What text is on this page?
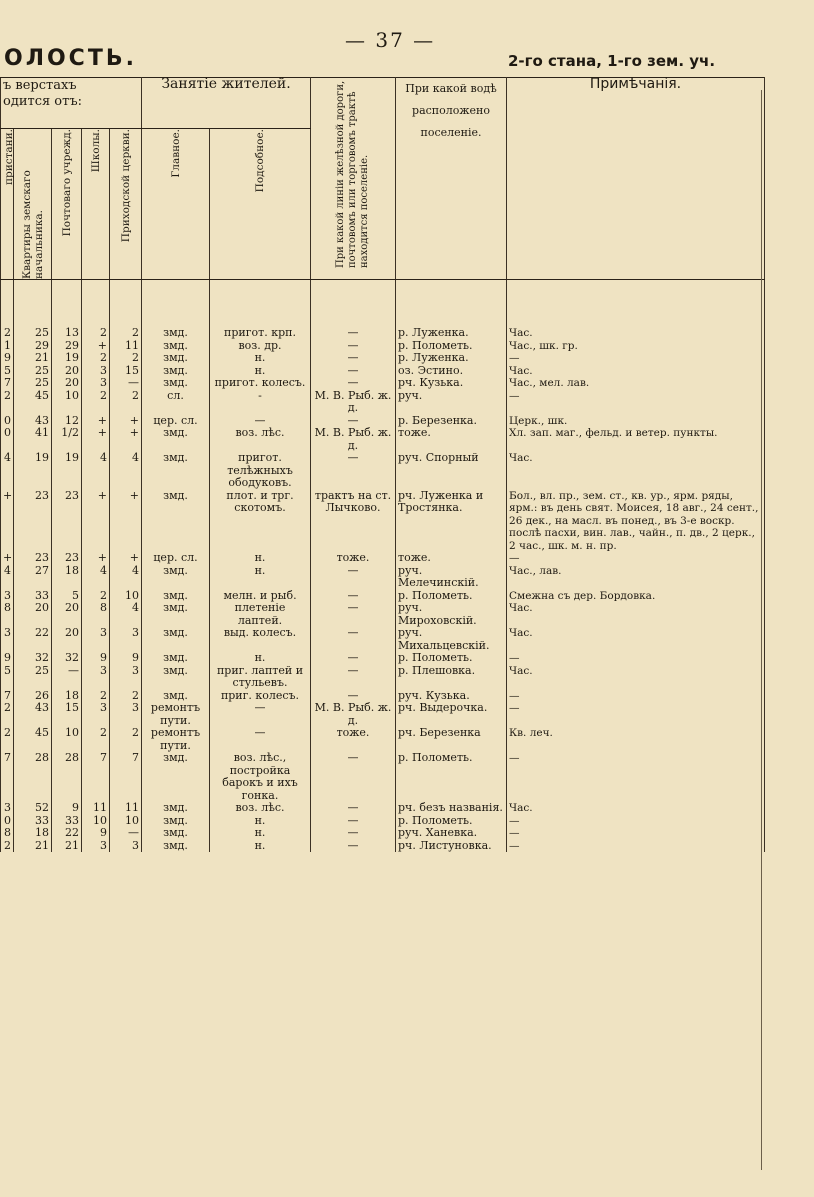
ОЛОСТЬ.
— 37 —
2-го стана, 1-го зем. уч.
ъ верстахъ
одится отъ:					Занятіе жителей.		При какой линіи желѣзной дороги, почтовомъ или торговомъ трактѣ находится поселеніе.	При какой водѣ расположено поселеніе.	Примѣчанія.

пристани.	Квартиры земскаго начальника.	Почтоваго учрежд.	Школы.	Приходской церкви.	Главное.	Подсобное.			

2	25	13	2	2	змд.	пригот. крп.	—	р. Луженка.	Час.
1	29	29	+	11	змд.	воз. др.	—	р. Полометь.	Час., шк. гр.
9	21	19	2	2	змд.	н.	—	р. Луженка.	—
5	25	20	3	15	змд.	н.	—	оз. Эстино.	Час.
7	25	20	3	—	змд.	пригот. колесъ.	—	рч. Кузька.	Час., мел. лав.
2	45	10	2	2	сл.	-	М. В. Рыб. ж. д.	руч.	—
0	43	12	+	+	цер. сл.	—	—	р. Березенка.	Церк., шк.
0	41	1/2	+	+	змд.	воз. лѣс.	М. В. Рыб. ж. д.	тоже.	Хл. зап. маг., фельд. и ветер. пункты.
4	19	19	4	4	змд.	пригот. телѣжныхъ ободуковъ.	—	руч. Спорный	Час.
+	23	23	+	+	змд.	плот. и трг. скотомъ.	трактъ на ст. Лычково.	рч. Луженка и Тростянка.	Бол., вл. пр., зем. ст., кв. ур., ярм. ряды, ярм.: въ день свят. Моисея, 18 авг., 24 сент., 26 дек., на масл. въ понед., въ 3-е воскр. послѣ пасхи, вин. лав., чайн., п. дв., 2 церк., 2 час., шк. м. н. пр.
+	23	23	+	+	цер. сл.	н.	тоже.	тоже.	—
4	27	18	4	4	змд.	н.	—	руч. Мелечинскій.	Час., лав.
3	33	5	2	10	змд.	мелн. и рыб.	—	р. Полометь.	Смежна съ дер. Бордовка.
8	20	20	8	4	змд.	плетеніе лаптей.	—	руч. Мироховскій.	Час.
3	22	20	3	3	змд.	выд. колесъ.	—	руч. Михальцевскій.	Час.
9	32	32	9	9	змд.	н.	—	р. Полометь.	—
5	25	—	3	3	змд.	приг. лаптей и стульевъ.	—	р. Плешовка.	Час.
7	26	18	2	2	змд.	приг. колесъ.	—	руч. Кузька.	—
2	43	15	3	3	ремонтъ пути.	—	М. В. Рыб. ж. д.	рч. Выдерочка.	—
2	45	10	2	2	ремонтъ пути.	—	тоже.	рч. Березенка	Кв. леч.
7	28	28	7	7	змд.	воз. лѣс., постройка барокъ и ихъ гонка.	—	р. Полометь.	—
3	52	9	11	11	змд.	воз. лѣс.	—	рч. безъ названія.	Час.
0	33	33	10	10	змд.	н.	—	р. Полометь.	—
8	18	22	9	—	змд.	н.	—	руч. Ханевка.	—
2	21	21	3	3	змд.	н.	—	рч. Листуновка.	—
